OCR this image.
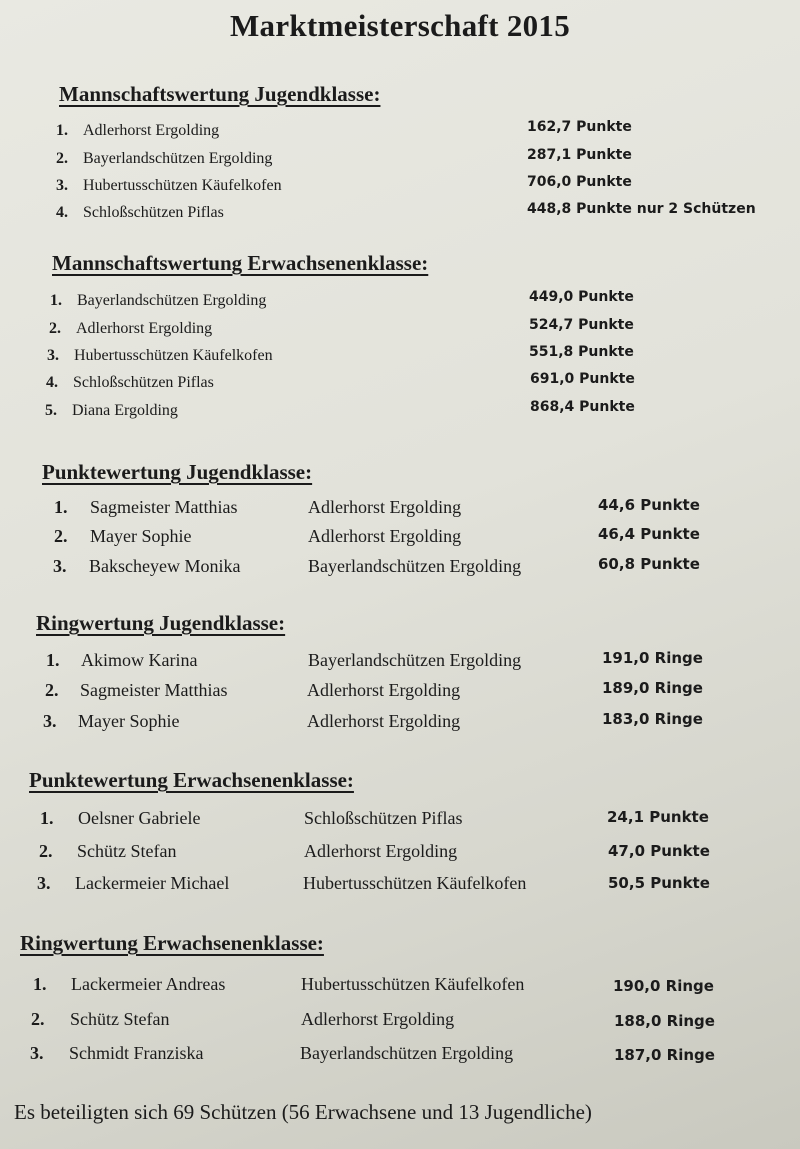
Marktmeisterschaft 2015
Mannschaftswertung Jugendklasse:
1. Adlerhorst Ergolding	162,7 Punkte
2. Bayerlandschützen Ergolding	287,1 Punkte
3. Hubertusschützen Käufelkofen	706,0 Punkte
4. Schloßschützen Piflas	448,8 Punkte nur 2 Schützen
Mannschaftswertung Erwachsenenklasse:
1. Bayerlandschützen Ergolding	449,0 Punkte
2. Adlerhorst Ergolding	524,7 Punkte
3. Hubertusschützen Käufelkofen	551,8 Punkte
4. Schloßschützen Piflas	691,0 Punkte
5. Diana Ergolding	868,4 Punkte
Punktewertung Jugendklasse:
1. Sagmeister Matthias	Adlerhorst Ergolding	44,6 Punkte
2. Mayer Sophie	Adlerhorst Ergolding	46,4 Punkte
3. Bakscheyew Monika	Bayerlandschützen Ergolding	60,8 Punkte
Ringwertung Jugendklasse:
1. Akimow Karina	Bayerlandschützen Ergolding	191,0 Ringe
2. Sagmeister Matthias	Adlerhorst Ergolding	189,0 Ringe
3. Mayer Sophie	Adlerhorst Ergolding	183,0 Ringe
Punktewertung Erwachsenenklasse:
1. Oelsner Gabriele	Schloßschützen Piflas	24,1 Punkte
2. Schütz Stefan	Adlerhorst Ergolding	47,0 Punkte
3. Lackermeier Michael	Hubertusschützen Käufelkofen	50,5 Punkte
Ringwertung Erwachsenenklasse:
1. Lackermeier Andreas	Hubertusschützen Käufelkofen	190,0 Ringe
2. Schütz Stefan	Adlerhorst Ergolding	188,0 Ringe
3. Schmidt Franziska	Bayerlandschützen Ergolding	187,0 Ringe
Es beteiligten sich 69 Schützen (56 Erwachsene und 13 Jugendliche)
